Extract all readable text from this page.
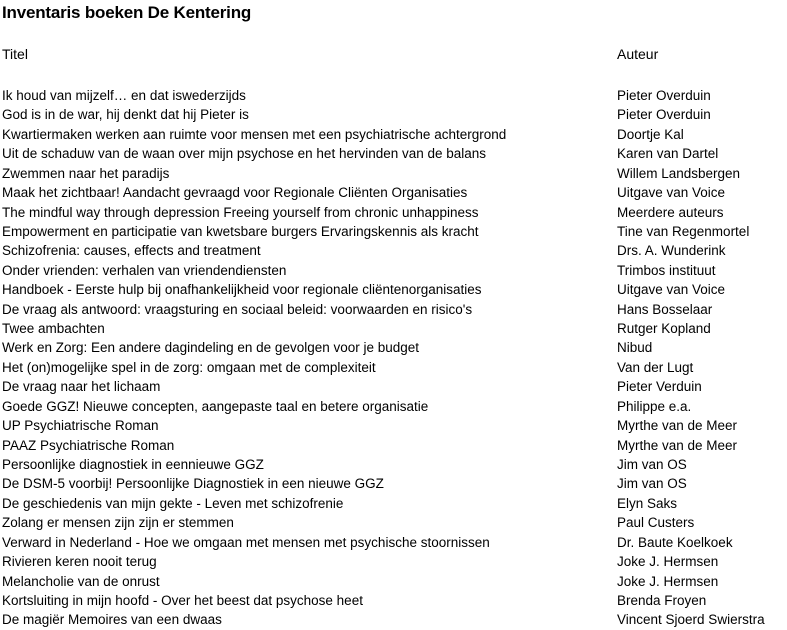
Inventaris boeken De Kentering
Titel	Auteur
Ik houd van mijzelf… en dat iswederzijds	Pieter Overduin
God is in de war, hij denkt dat hij Pieter is	Pieter Overduin
Kwartiermaken werken aan ruimte voor mensen met een psychiatrische achtergrond	Doortje Kal
Uit de schaduw van de waan over mijn psychose en het hervinden van de balans	Karen van Dartel
Zwemmen naar het paradijs	Willem Landsbergen
Maak het zichtbaar! Aandacht gevraagd voor Regionale Cliënten Organisaties	Uitgave van Voice
The mindful way through depression Freeing yourself from chronic unhappiness	Meerdere auteurs
Empowerment en participatie van kwetsbare burgers Ervaringskennis als kracht	Tine van Regenmortel
Schizofrenia: causes, effects and treatment	Drs. A. Wunderink
Onder vrienden: verhalen van vriendendiensten	Trimbos instituut
Handboek - Eerste hulp bij onafhankelijkheid voor regionale cliëntenorganisaties	Uitgave van Voice
De vraag als antwoord: vraagsturing en sociaal beleid: voorwaarden en risico's	Hans Bosselaar
Twee ambachten	Rutger Kopland
Werk en Zorg: Een andere dagindeling en de gevolgen voor je budget	Nibud
Het (on)mogelijke spel in de zorg: omgaan met de complexiteit	Van der Lugt
De vraag naar het lichaam	Pieter Verduin
Goede GGZ! Nieuwe concepten, aangepaste taal en betere organisatie	Philippe e.a.
UP Psychiatrische Roman	Myrthe van de Meer
PAAZ Psychiatrische Roman	Myrthe van de Meer
Persoonlijke diagnostiek in eennieuwe GGZ	Jim van OS
De DSM-5 voorbij! Persoonlijke Diagnostiek in een nieuwe GGZ	Jim van OS
De geschiedenis van mijn gekte - Leven met schizofrenie	Elyn Saks
Zolang er mensen zijn zijn er stemmen	Paul Custers
Verward in Nederland - Hoe we omgaan met mensen met psychische stoornissen	Dr. Baute Koelkoek
Rivieren keren nooit terug	Joke J. Hermsen
Melancholie van de onrust	Joke J. Hermsen
Kortsluiting in mijn hoofd - Over het beest dat psychose heet	Brenda Froyen
De magiër Memoires van een dwaas	Vincent Sjoerd Swierstra
